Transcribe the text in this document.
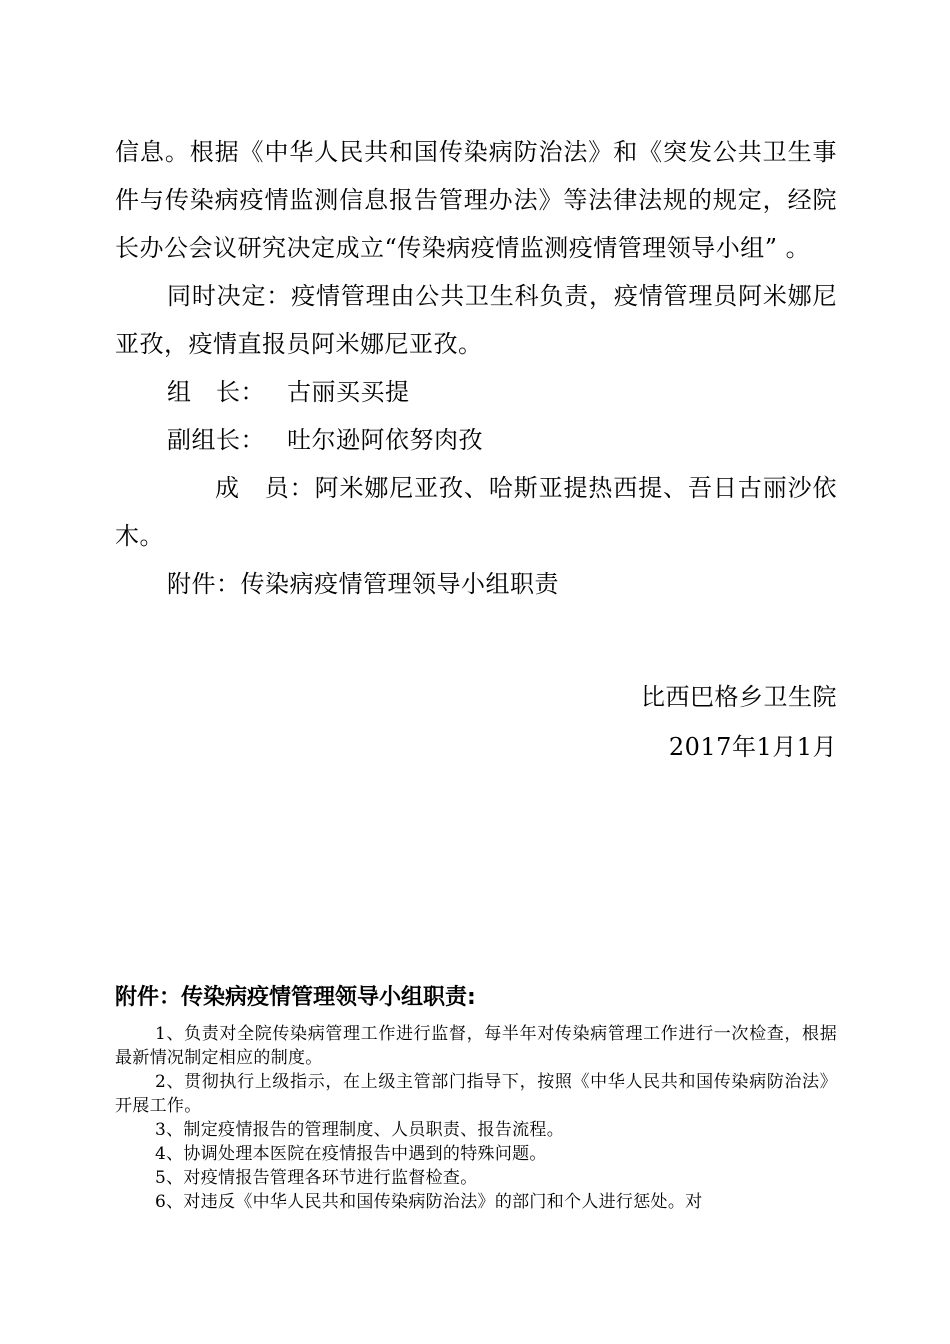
信息。根据《中华人民共和国传染病防治法》和《突发公共卫生事件与传染病疫情监测信息报告管理办法》等法律法规的规定，经院长办公会议研究决定成立“传染病疫情监测疫情管理领导小组” 。

同时决定：疫情管理由公共卫生科负责，疫情管理员阿米娜尼亚孜，疫情直报员阿米娜尼亚孜。

组　长： 古丽买买提

副组长： 吐尔逊阿依努肉孜

成　员：阿米娜尼亚孜、哈斯亚提热西提、吾日古丽沙依木。

附件：传染病疫情管理领导小组职责

比西巴格乡卫生院
2017年1月1月

附件：传染病疫情管理领导小组职责:

1、负责对全院传染病管理工作进行监督，每半年对传染病管理工作进行一次检查，根据最新情况制定相应的制度。

2、贯彻执行上级指示，在上级主管部门指导下，按照《中华人民共和国传染病防治法》开展工作。

3、制定疫情报告的管理制度、人员职责、报告流程。

4、协调处理本医院在疫情报告中遇到的特殊问题。

5、对疫情报告管理各环节进行监督检查。

6、对违反《中华人民共和国传染病防治法》的部门和个人进行惩处。对
